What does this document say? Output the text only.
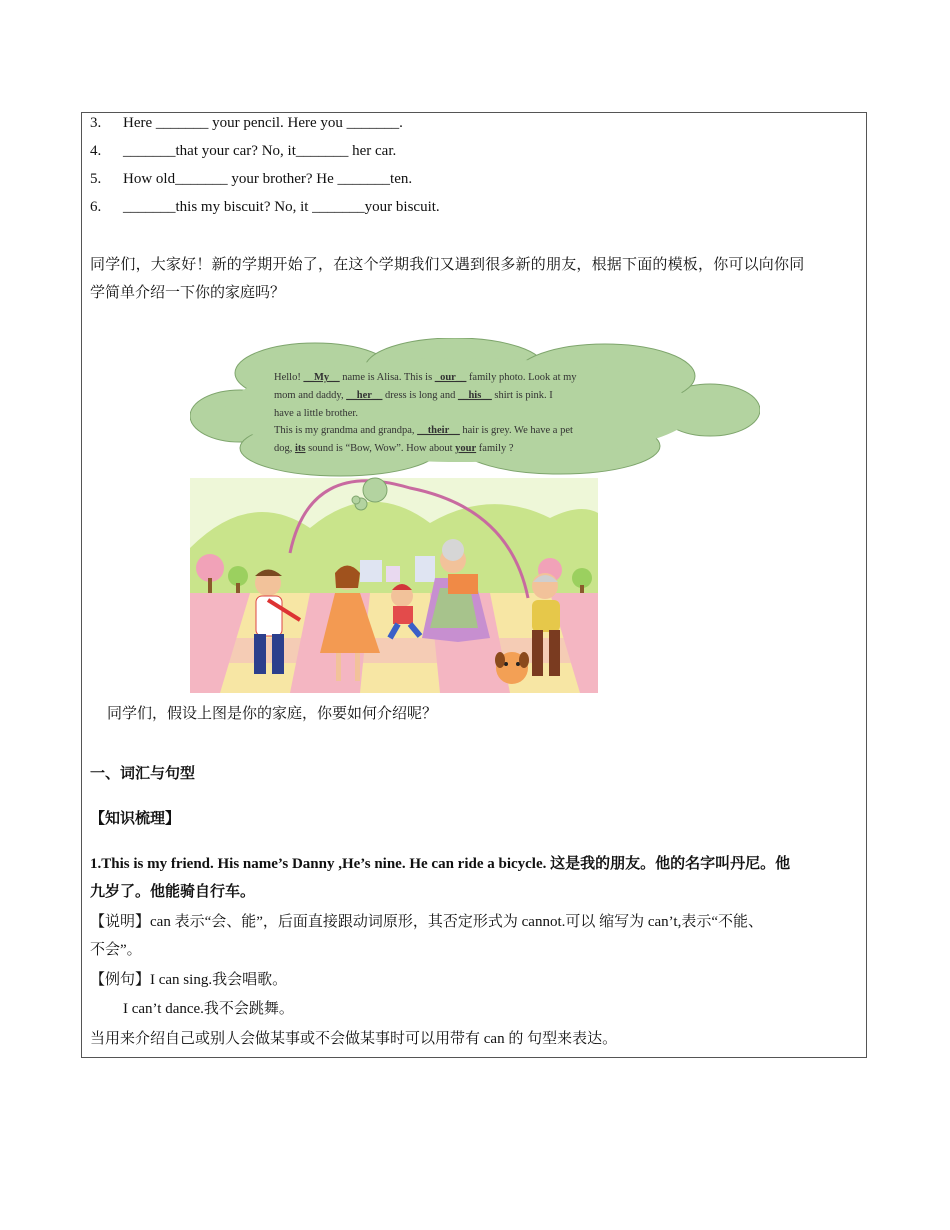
3.	Here _______ your pencil. Here you _______.
4.	_______that your car? No, it_______ her car.
5.	How old_______ your brother? He _______ten.
6.	_______this my biscuit? No, it _______your biscuit.
同学们，大家好！新的学期开始了，在这个学期我们又遇到很多新的朋友，根据下面的模板，你可以向你同
学简单介绍一下你的家庭吗？
Hello! __My__ name is Alisa. This is _our__ family photo. Look at my
mom and daddy, __her__ dress is long and __his__ shirt is pink. I
have a little brother.
This is my grandma and grandpa, __their__ hair is grey. We have a pet
dog, its sound is “Bow, Wow”. How about your family ?
同学们，假设上图是你的家庭，你要如何介绍呢？
一、词汇与句型
【知识梳理】
1.This is my friend. His name’s Danny ,He’s nine. He can ride a bicycle. 这是我的朋友。他的名字叫丹尼。他
九岁了。他能骑自行车。
【说明】can 表示“会、能”，后面直接跟动词原形，其否定形式为 cannot.可以 缩写为 can’t,表示“不能、
不会”。
【例句】I can sing.我会唱歌。
I can’t dance.我不会跳舞。
当用来介绍自己或别人会做某事或不会做某事时可以用带有 can 的 句型来表达。
